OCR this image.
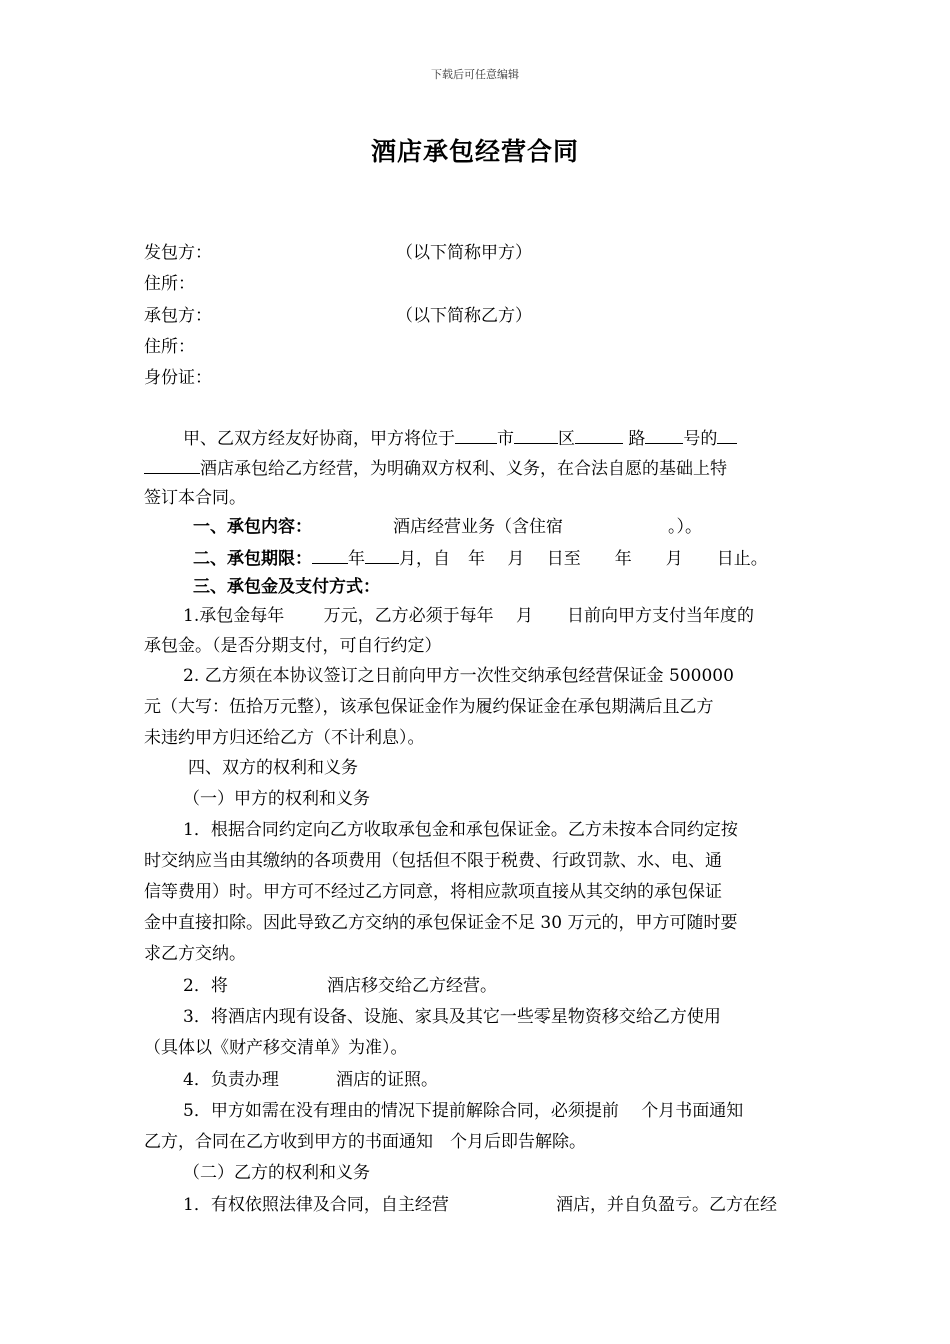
下载后可任意编辑
酒店承包经营合同
发包方：	（以下简称甲方）
住所：
承包方：	（以下简称乙方）
住所：
身份证：
甲、乙双方经友好协商，甲方将位于 市	区	路 号的
酒店承包给乙方经营，为明确双方权利、义务，在合法自愿的基础上特
签订本合同。
一、承包内容：	酒店经营业务（含住宿	。）。
二、承包期限： 年 月，自 年　 月　 日至　　年　　月　　日止。
三、承包金及支付方式：
1.承包金每年　　 万元，乙方必须于每年　 月　　日前向甲方支付当年度的
承包金。（是否分期支付，可自行约定）
2. 乙方须在本协议签订之日前向甲方一次性交纳承包经营保证金 500000
元（大写：伍拾万元整），该承包保证金作为履约保证金在承包期满后且乙方
未违约甲方归还给乙方（不计利息）。
四、双方的权利和义务
（一）甲方的权利和义务
1．根据合同约定向乙方收取承包金和承包保证金。乙方未按本合同约定按
时交纳应当由其缴纳的各项费用（包括但不限于税费、行政罚款、水、电、通
信等费用）时。甲方可不经过乙方同意，将相应款项直接从其交纳的承包保证
金中直接扣除。因此导致乙方交纳的承包保证金不足 30 万元的，甲方可随时要
求乙方交纳。
2．将	酒店移交给乙方经营。
3．将酒店内现有设备、设施、家具及其它一些零星物资移交给乙方使用
（具体以《财产移交清单》为准）。
4．负责办理	酒店的证照。
5．甲方如需在没有理由的情况下提前解除合同，必须提前　 个月书面通知
乙方，合同在乙方收到甲方的书面通知　个月后即告解除。
（二）乙方的权利和义务
1．有权依照法律及合同，自主经营	酒店，并自负盈亏。乙方在经
